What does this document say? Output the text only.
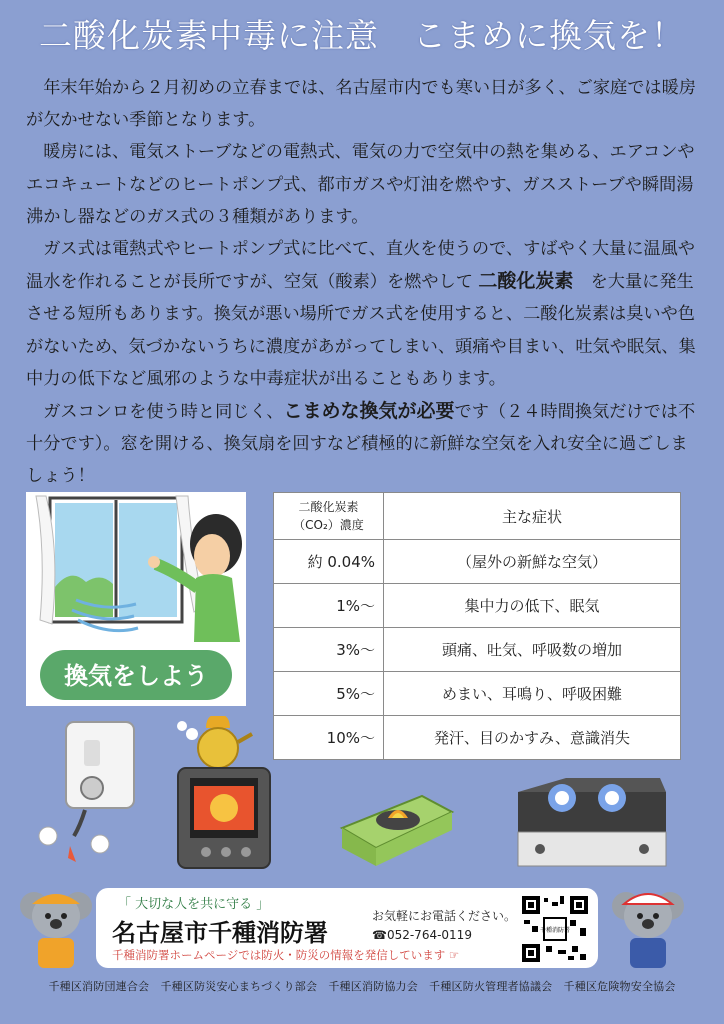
二酸化炭素中毒に注意　こまめに換気を！

年末年始から２月初めの立春までは、名古屋市内でも寒い日が多く、ご家庭では暖房が欠かせない季節となります。

暖房には、電気ストーブなどの電熱式、電気の力で空気中の熱を集める、エアコンやエコキュートなどのヒートポンプ式、都市ガスや灯油を燃やす、ガスストーブや瞬間湯沸かし器などのガス式の３種類があります。

ガス式は電熱式やヒートポンプ式に比べて、直火を使うので、すばやく大量に温風や温水を作れることが長所ですが、空気（酸素）を燃やして 二酸化炭素　 を大量に発生させる短所もあります。換気が悪い場所でガス式を使用すると、二酸化炭素は臭いや色がないため、気づかないうちに濃度があがってしまい、頭痛や目まい、吐気や眠気、集中力の低下など風邪のような中毒症状が出ることもあります。

ガスコンロを使う時と同じく、こまめな換気が必要です（２４時間換気だけでは不十分です）。窓を開ける、換気扇を回すなど積極的に新鮮な空気を入れ安全に過ごしましょう！

換気をしよう
二酸化炭素
（CO₂）濃度	主な症状
約 0.04%	（屋外の新鮮な空気）
1%〜	集中力の低下、眠気
3%〜	頭痛、吐気、呼吸数の増加
5%〜	めまい、耳鳴り、呼吸困難
10%〜	発汗、目のかすみ、意識消失
「 大切な人を共に守る 」
名古屋市千種消防署
お気軽にお電話ください。
☎052-764-0119
千種消防署ホームページでは防火・防災の情報を発信しています ☞
千種消防署
千種区消防団連合会　千種区防災安心まちづくり部会　千種区消防協力会　千種区防火管理者協議会　千種区危険物安全協会
